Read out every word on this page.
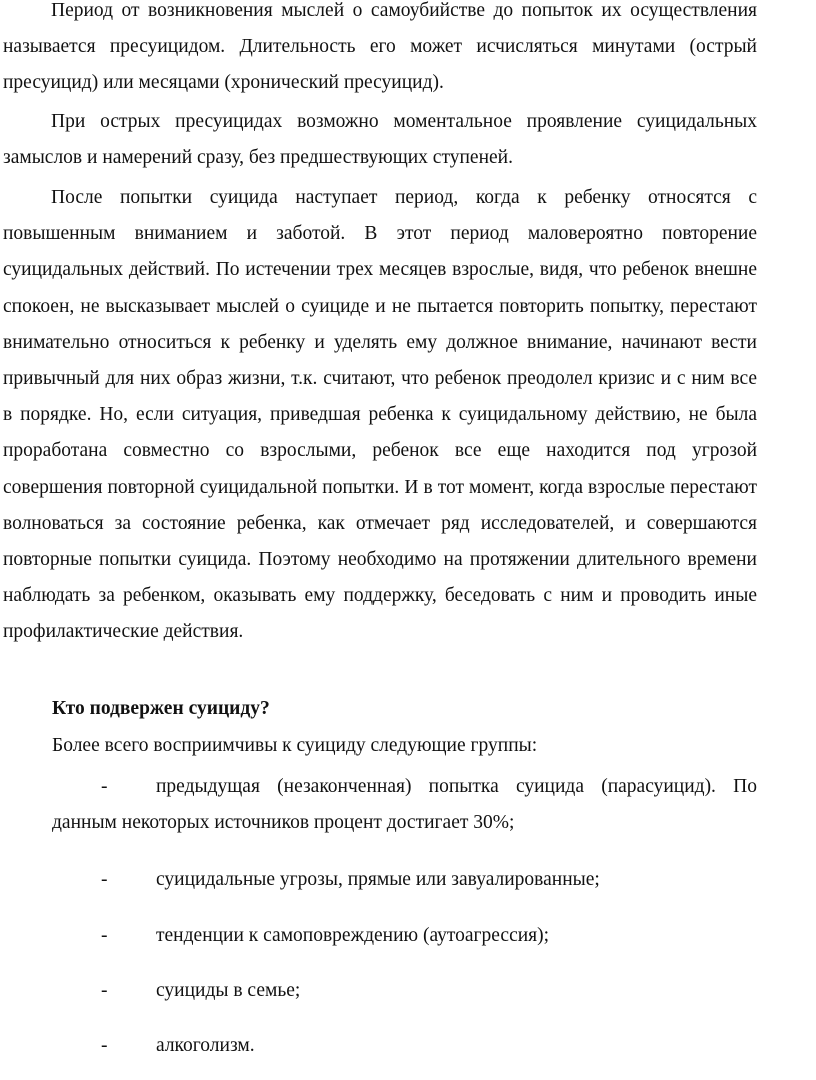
Период от возникновения мыслей о самоубийстве до попыток их осуществления называется пресуицидом. Длительность его может исчисляться минутами (острый пресуицид) или месяцами (хронический пресуицид).

При острых пресуицидах возможно моментальное проявление суицидальных замыслов и намерений сразу, без предшествующих ступеней.

После попытки суицида наступает период, когда к ребенку относятся с повышенным вниманием и заботой. В этот период маловероятно повторение суицидальных действий. По истечении трех месяцев взрослые, видя, что ребенок внешне спокоен, не высказывает мыслей о суициде и не пытается повторить попытку, перестают внимательно относиться к ребенку и уделять ему должное внимание, начинают вести привычный для них образ жизни, т.к. считают, что ребенок преодолел кризис и с ним все в порядке. Но, если ситуация, приведшая ребенка к суицидальному действию, не была проработана совместно со взрослыми, ребенок все еще находится под угрозой совершения повторной суицидальной попытки. И в тот момент, когда взрослые перестают волноваться за состояние ребенка, как отмечает ряд исследователей, и совершаются повторные попытки суицида. Поэтому необходимо на протяжении длительного времени наблюдать за ребенком, оказывать ему поддержку, беседовать с ним и проводить иные профилактические действия.

Кто подвержен суициду?

Более всего восприимчивы к суициду следующие группы:

- предыдущая (незаконченная) попытка суицида (парасуицид). По данным некоторых источников процент достигает 30%;
- суицидальные угрозы, прямые или завуалированные;
- тенденции к самоповреждению (аутоагрессия);
- суициды в семье;
- алкоголизм.
